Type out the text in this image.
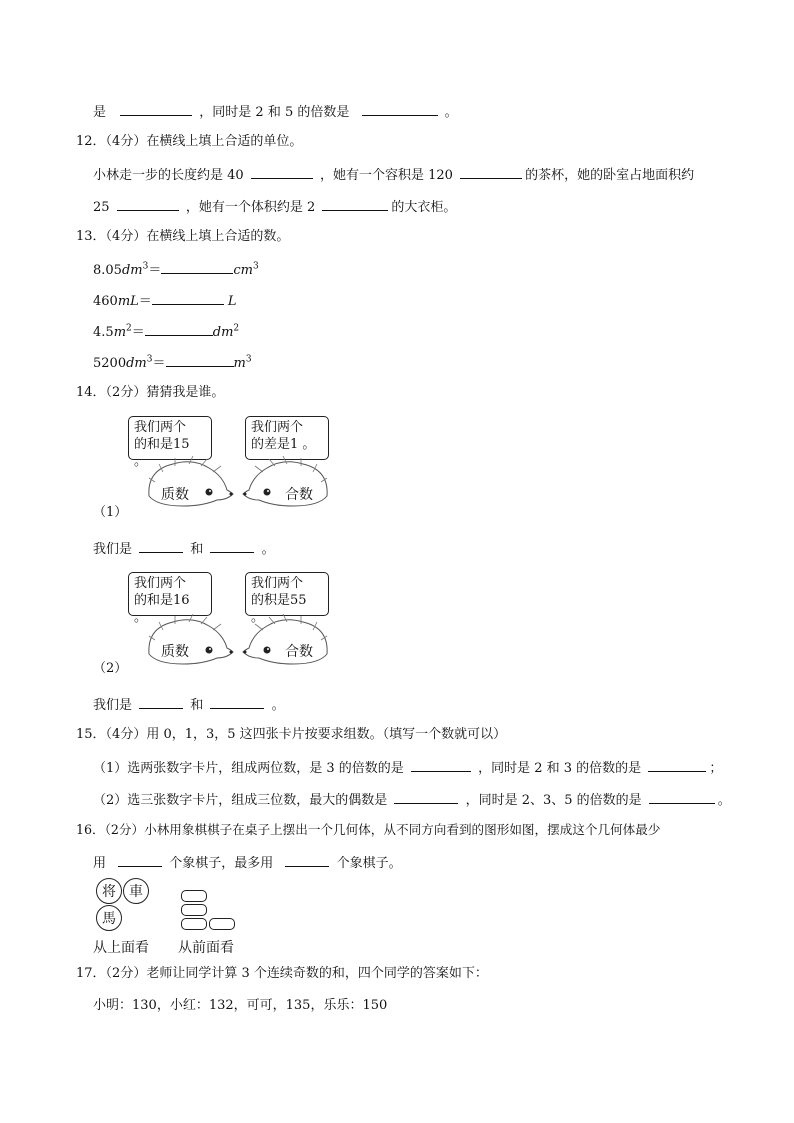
是	，同时是 2 和 5 的倍数是	。
12．（4分）在横线上填上合适的单位。
小林走一步的长度约是 40	，她有一个容积是 120	的茶杯，她的卧室占地面积约
25	，她有一个体积约是 2	的大衣柜。
13．（4分）在横线上填上合适的数。
$8.05dm^3=$	$cm^3$
460mL＝	L
$4.5m^2=$	$dm^2$
$5200dm^3=$	$m^3$
14．（2分）猜猜我是谁。
我们两个
的和是15 。
我们两个
的差是1 。
质数	合数
（1）
我们是	和	。
我们两个
的和是16 。
我们两个
的积是55 。
质数	合数
（2）
我们是	和	。
15．（4分）用 0，1，3，5 这四张卡片按要求组数。（填写一个数就可以）
（1）选两张数字卡片，组成两位数，是 3 的倍数的是	，同时是 2 和 3 的倍数的是	；
（2）选三张数字卡片，组成三位数，最大的偶数是	，同时是 2、3、5 的倍数的是	。
16．（2分）小林用象棋棋子在桌子上摆出一个几何体，从不同方向看到的图形如图，摆成这个几何体最少
用	个象棋子，最多用	个象棋子。
将 車
馬
从上面看 从前面看
17．（2分）老师让同学计算 3 个连续奇数的和，四个同学的答案如下：
小明：130，小红：132，可可，135，乐乐：150
